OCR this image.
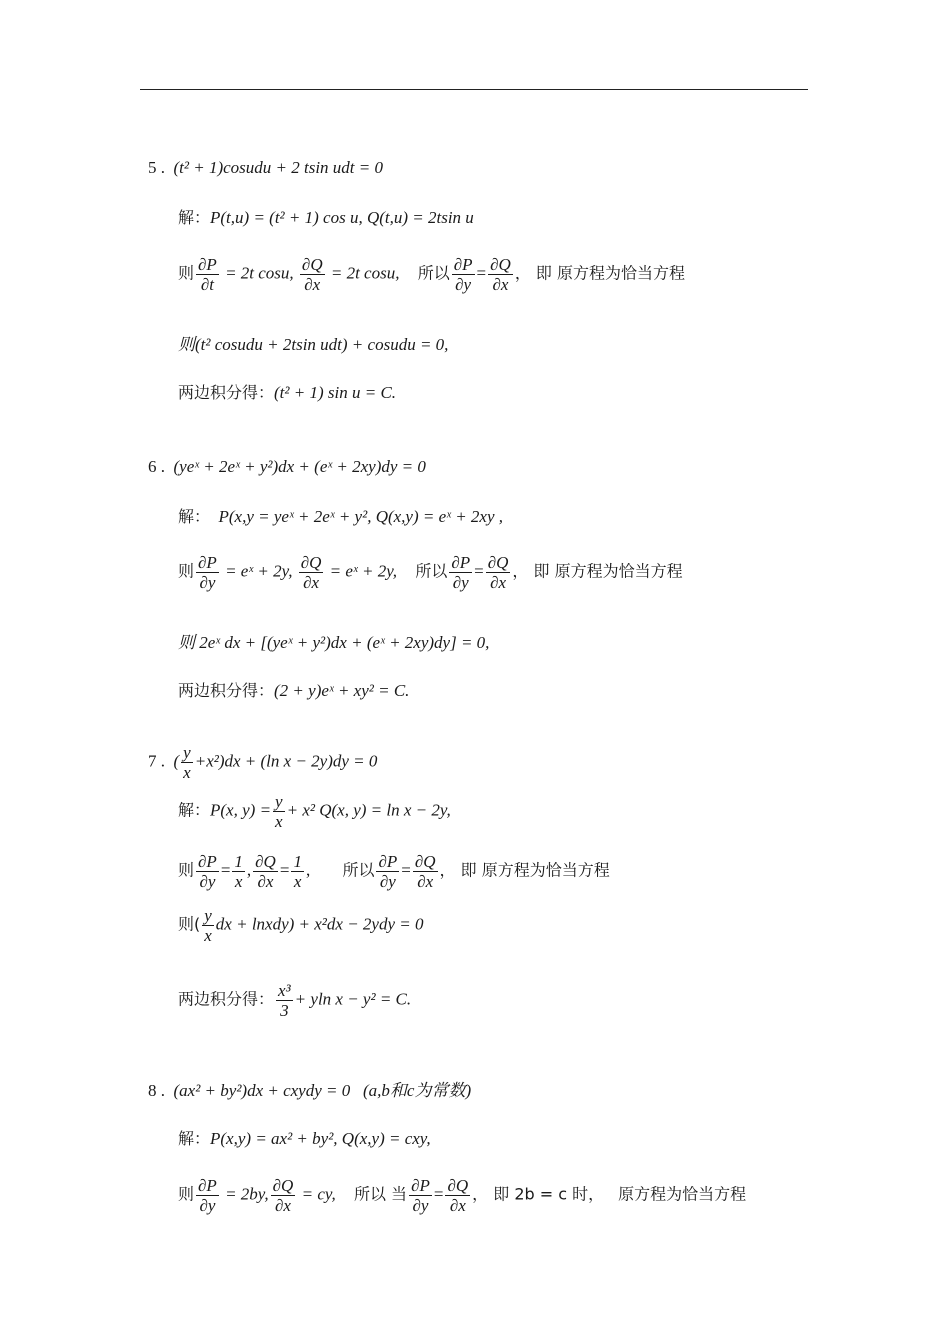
5 . (t² + 1)cosudu + 2 tsin udt = 0
解：P(t,u) = (t² + 1) cos u, Q(t,u) = 2tsin u
则 $\frac{\partial P}{\partial t} = 2t$ cosu, $\frac{\partial Q}{\partial x} = 2t$ cosu, 所以 $\frac{\partial P}{\partial y} = \frac{\partial Q}{\partial x}$ ， 即 原方程为恰当方程
则(t² cosudu + 2tsin udt) + cosudu = 0,
两边积分得：(t² + 1) sin u = C.
6 . (yeˣ + 2eˣ + y²)dx + (eˣ + 2xy)dy = 0
解： P(x,y = yeˣ + 2eˣ + y², Q(x,y) = eˣ + 2xy ,
则 $\frac{\partial P}{\partial y}$ = eˣ + 2y, $\frac{\partial Q}{\partial x}$ = eˣ + 2y, 所以 $\frac{\partial P}{\partial y} = \frac{\partial Q}{\partial x}$ ， 即 原方程为恰当方程
则 2eˣ dx + [(yeˣ + y²)dx + (eˣ + 2xy)dy] = 0,
两边积分得：(2 + y)eˣ + xy² = C.
7 . ( $\frac{y}{x} +x^2)dx + (\ln$ x − 2y)dy = 0
解：P(x, $y) = \frac{y}{x} + x^2$ Q(x, y) = ln x − 2y,
则 $\frac{\partial P}{\partial y} = \frac{1}{x}$ , $\frac{\partial Q}{\partial x} = \frac{1}{x}$ , 所以 $\frac{\partial P}{\partial y} = \frac{\partial Q}{\partial x}$ ， 即 原方程为恰当方程
则( $\frac{y}{x}$ dx + lnxdy) + x²dx − 2ydy = 0
两边积分得： $\frac{\text{x³}}{3} + yln$ x − y² = C.
8 . (ax² + by²)dx + cxydy = 0 (a,b和c为常数)
解：P(x,y) = ax² + by², Q(x,y) = cxy,
则 $\frac{\partial P}{\partial y} = 2by$, $\frac{\partial Q}{\partial x}$ = cy, 所以 当 $\frac{\partial P}{\partial y} = \frac{\partial Q}{\partial x}$ ， 即 2b = c 时， 原方程为恰当方程
